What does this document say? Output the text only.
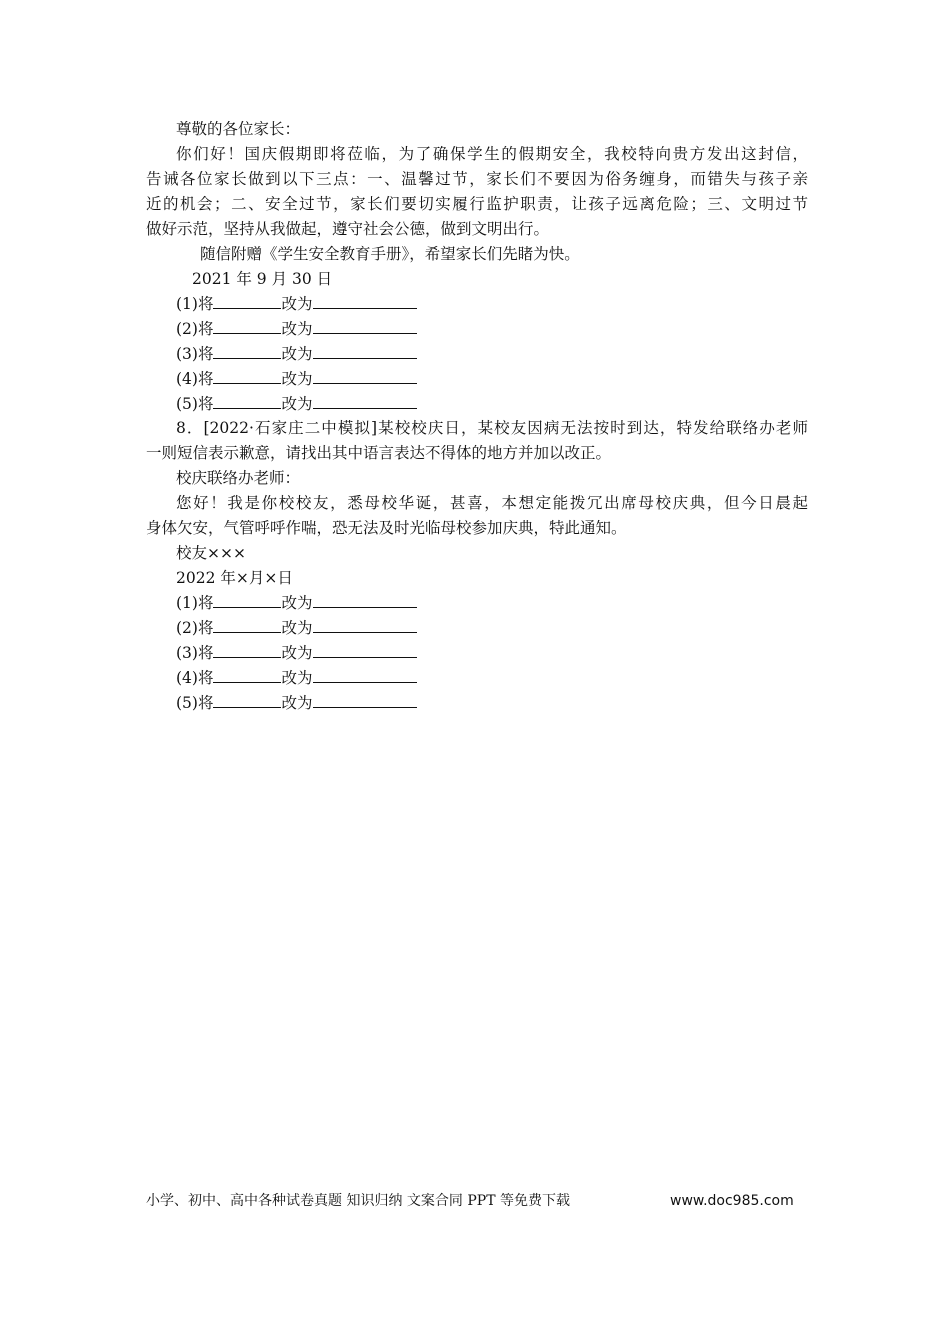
尊敬的各位家长：
你们好！国庆假期即将莅临，为了确保学生的假期安全，我校特向贵方发出这封信，
告诫各位家长做到以下三点：一、温馨过节，家长们不要因为俗务缠身，而错失与孩子亲
近的机会；二、安全过节，家长们要切实履行监护职责，让孩子远离危险；三、文明过节
做好示范，坚持从我做起，遵守社会公德，做到文明出行。
随信附赠《学生安全教育手册》，希望家长们先睹为快。
2021 年 9 月 30 日
(1)将	改为
(2)将	改为
(3)将	改为
(4)将	改为
(5)将	改为
8．[2022·石家庄二中模拟]某校校庆日，某校友因病无法按时到达，特发给联络办老师
一则短信表示歉意，请找出其中语言表达不得体的地方并加以改正。
校庆联络办老师：
您好！我是你校校友，悉母校华诞，甚喜，本想定能拨冗出席母校庆典，但今日晨起
身体欠安，气管呼呼作喘，恐无法及时光临母校参加庆典，特此通知。
校友×××
2022 年×月×日
(1)将	改为
(2)将	改为
(3)将	改为
(4)将	改为
(5)将	改为
小学、初中、高中各种试卷真题 知识归纳 文案合同 PPT 等免费下载	www.doc985.com
